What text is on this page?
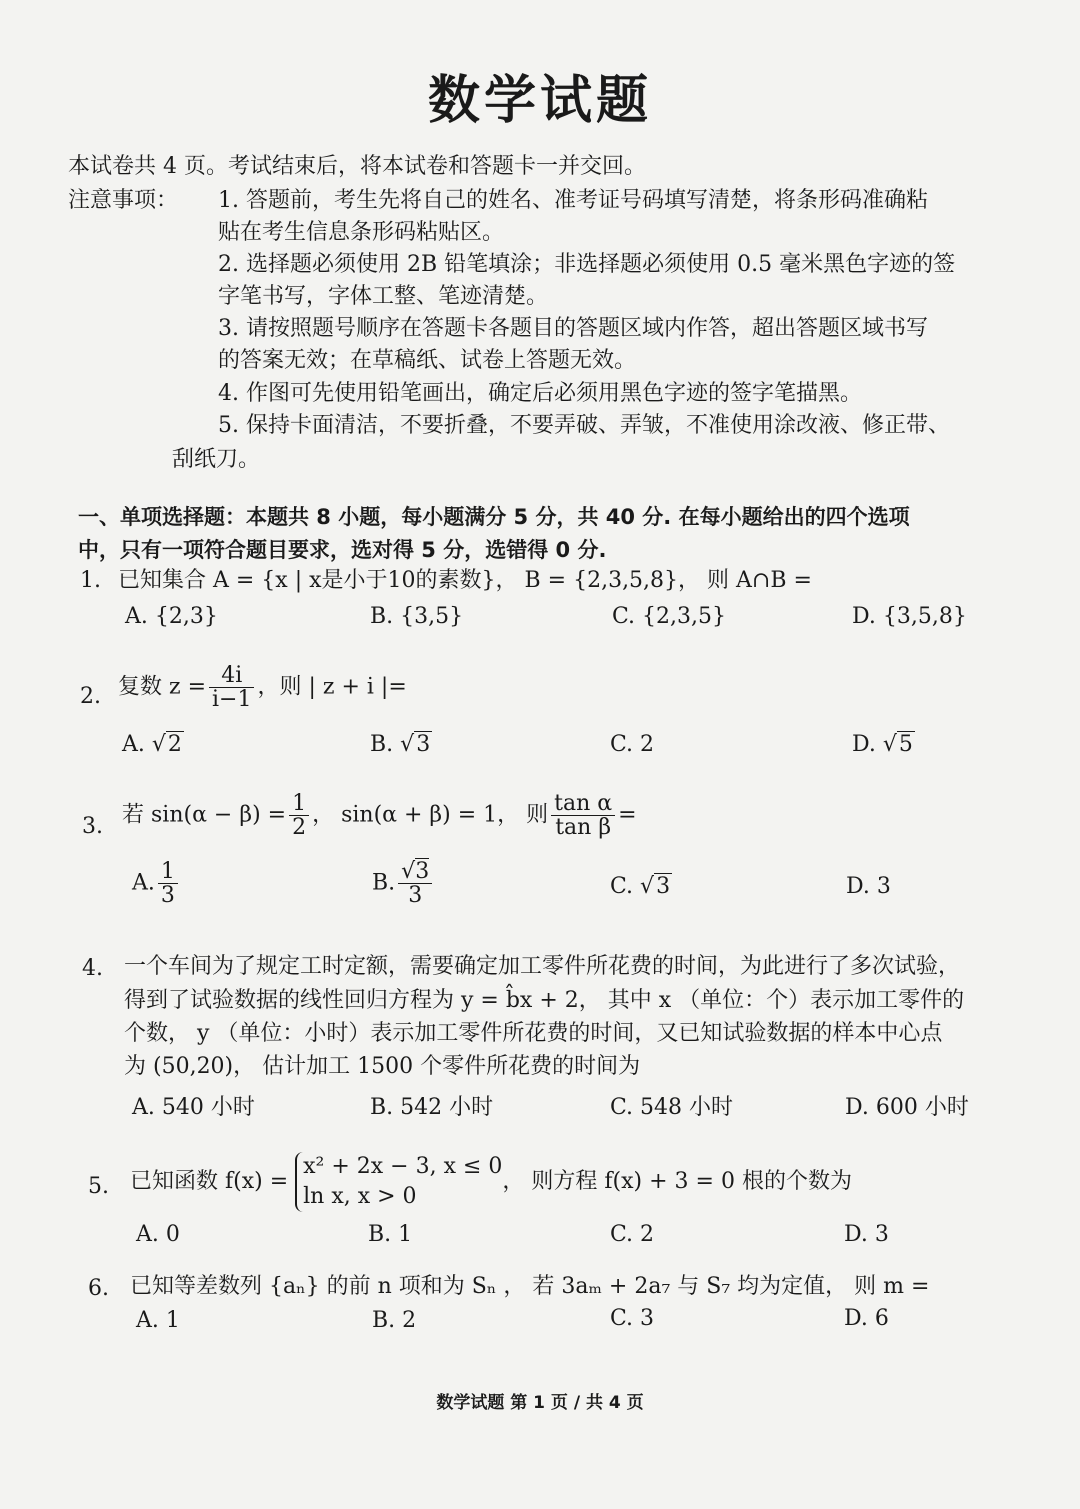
数学试题
本试卷共 4 页。考试结束后，将本试卷和答题卡一并交回。
注意事项： 1. 答题前，考生先将自己的姓名、准考证号码填写清楚，将条形码准确粘
贴在考生信息条形码粘贴区。
2. 选择题必须使用 2B 铅笔填涂；非选择题必须使用 0.5 毫米黑色字迹的签
字笔书写，字体工整、笔迹清楚。
3. 请按照题号顺序在答题卡各题目的答题区域内作答，超出答题区域书写
的答案无效；在草稿纸、试卷上答题无效。
4. 作图可先使用铅笔画出，确定后必须用黑色字迹的签字笔描黑。
5. 保持卡面清洁，不要折叠，不要弄破、弄皱，不准使用涂改液、修正带、
刮纸刀。
一、单项选择题：本题共 8 小题，每小题满分 5 分，共 40 分. 在每小题给出的四个选项
中，只有一项符合题目要求，选对得 5 分，选错得 0 分.
1. 已知集合 A = {x | x是小于10的素数}， B = {2,3,5,8}， 则 A∩B =
A. {2,3}	B. {3,5}	C. {2,3,5}	D. {3,5,8}
2. 复数 $z = \frac{4i}{i-1}$ ，则 | z + i |=
A. √2	B. √3	C. 2	D. √5
3. 若 $\sin(\alpha - \beta) = \frac{1}{2}$ ， sin(α + β) = 1， 则 $\frac{\text{tan α}}{\text{tan β}}$ =
A. $\frac{1}{3}$	B. $\frac{√3}{3}$	C. √3	D. 3
4. 一个车间为了规定工时定额，需要确定加工零件所花费的时间，为此进行了多次试验，
得到了试验数据的线性回归方程为 y = b̂x + 2， 其中 x （单位：个）表示加工零件的
个数， y （单位：小时）表示加工零件所花费的时间，又已知试验数据的样本中心点
为 (50,20)， 估计加工 1500 个零件所花费的时间为
A. 540 小时	B. 542 小时	C. 548 小时	D. 600 小时
5. 已知函数 f(x) =
x² + 2x − 3, x ≤ 0
ln x, x > 0
， 则方程 f(x) + 3 = 0 根的个数为
A. 0	B. 1	C. 2	D. 3
6. 已知等差数列 {aₙ} 的前 n 项和为 Sₙ ， 若 3aₘ + 2a₇ 与 S₇ 均为定值， 则 m =
A. 1	B. 2	C. 3	D. 6
数学试题 第 1 页 / 共 4 页
